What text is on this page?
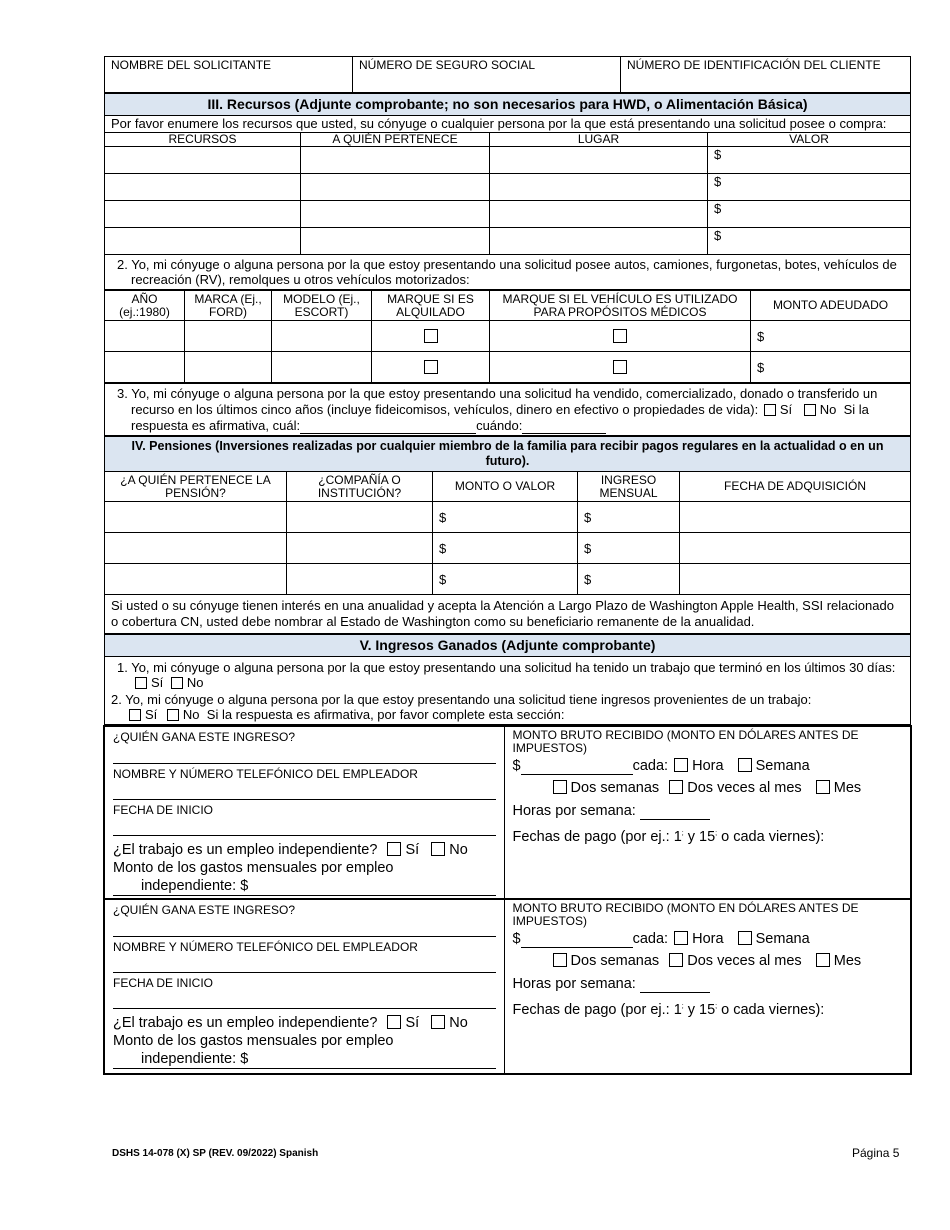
NOMBRE DEL SOLICITANTE	NÚMERO DE SEGURO SOCIAL	NÚMERO DE IDENTIFICACIÓN DEL CLIENTE
III. Recursos (Adjunte comprobante; no son necesarios para HWD, o Alimentación Básica)			
Por favor enumere los recursos que usted, su cónyuge o cualquier persona por la que está presentando una solicitud posee o compra:			
RECURSOS	A QUIÉN PERTENECE	LUGAR	VALOR
			$
			$
			$
			$
2. Yo, mi cónyuge o alguna persona por la que estoy presentando una solicitud posee autos, camiones, furgonetas, botes, vehículos de recreación (RV), remolques u otros vehículos motorizados:			
AÑO (ej.:1980)	MARCA (Ej., FORD)	MODELO (Ej., ESCORT)	MARQUE SI ES ALQUILADO	MARQUE SI EL VEHÍCULO ES UTILIZADO PARA PROPÓSITOS MÉDICOS	MONTO ADEUDADO
					$
					$
3. Yo, mi cónyuge o alguna persona por la que estoy presentando una solicitud ha vendido, comercializado, donado o transferido un recurso en los últimos cinco años (incluye fideicomisos, vehículos, dinero en efectivo o propiedades de vida): Sí No Si la respuesta es afirmativa, cuál:	cuándo:
IV. Pensiones (Inversiones realizadas por cualquier miembro de la familia para recibir pagos regulares en la actualidad o en un futuro).				
¿A QUIÉN PERTENECE LA PENSIÓN?	¿COMPAÑÍA O INSTITUCIÓN?	MONTO O VALOR	INGRESO MENSUAL	FECHA DE ADQUISICIÓN
		$	$	
		$	$	
		$	$	
Si usted o su cónyuge tienen interés en una anualidad y acepta la Atención a Largo Plazo de Washington Apple Health, SSI relacionado o cobertura CN, usted debe nombrar al Estado de Washington como su beneficiario remanente de la anualidad.				
V. Ingresos Ganados (Adjunte comprobante)

1. Yo, mi cónyuge o alguna persona por la que estoy presentando una solicitud ha tenido un trabajo que terminó en los últimos 30 días: Sí No
2. Yo, mi cónyuge o alguna persona por la que estoy presentando una solicitud tiene ingresos provenientes de un trabajo:
Sí No Si la respuesta es afirmativa, por favor complete esta sección:
¿QUIÉN GANA ESTE INGRESO?
NOMBRE Y NÚMERO TELEFÓNICO DEL EMPLEADOR
FECHA DE INICIO
¿El trabajo es un empleo independiente? Sí No
Monto de los gastos mensuales por empleo
independiente: $

MONTO BRUTO RECIBIDO (MONTO EN DÓLARES ANTES DE IMPUESTOS)
$	cada: Hora Semana
Dos semanas Dos veces al mes Mes
Horas por semana:
Fechas de pago (por ej.: 1; y 15; o cada viernes):
¿QUIÉN GANA ESTE INGRESO?
NOMBRE Y NÚMERO TELEFÓNICO DEL EMPLEADOR
FECHA DE INICIO
¿El trabajo es un empleo independiente? Sí No
Monto de los gastos mensuales por empleo
independiente: $

MONTO BRUTO RECIBIDO (MONTO EN DÓLARES ANTES DE IMPUESTOS)
$	cada: Hora Semana
Dos semanas Dos veces al mes Mes
Horas por semana:
Fechas de pago (por ej.: 1; y 15; o cada viernes):
DSHS 14-078 (X) SP (REV. 09/2022) Spanish	Página 5
